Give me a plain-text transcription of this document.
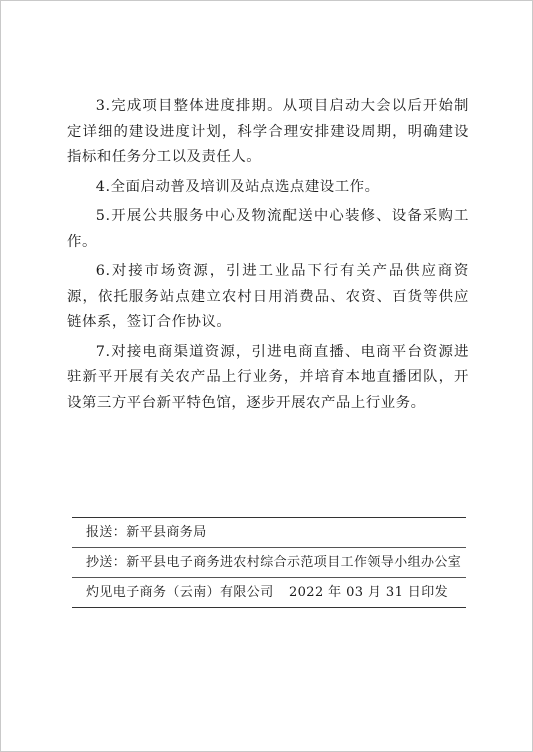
3.完成项目整体进度排期。从项目启动大会以后开始制定详细的建设进度计划，科学合理安排建设周期，明确建设指标和任务分工以及责任人。

4.全面启动普及培训及站点选点建设工作。

5.开展公共服务中心及物流配送中心装修、设备采购工作。

6.对接市场资源，引进工业品下行有关产品供应商资源，依托服务站点建立农村日用消费品、农资、百货等供应链体系，签订合作协议。

7.对接电商渠道资源，引进电商直播、电商平台资源进驻新平开展有关农产品上行业务，并培育本地直播团队，开设第三方平台新平特色馆，逐步开展农产品上行业务。

报送：新平县商务局
抄送：新平县电子商务进农村综合示范项目工作领导小组办公室
灼见电子商务（云南）有限公司 2022 年 03 月 31 日印发
